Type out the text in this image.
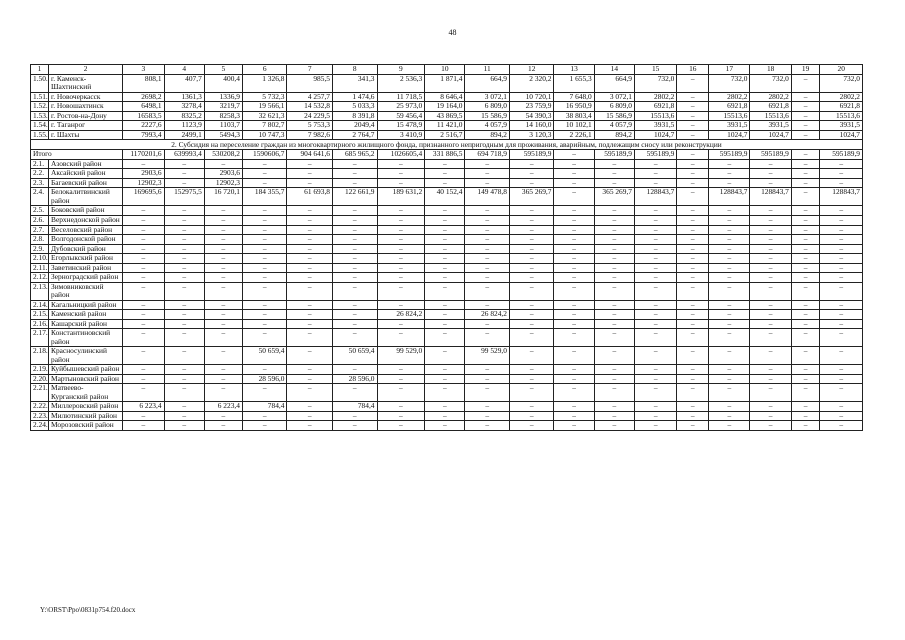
48
1	2	3	4	5	6	7	8	9	10	11	12	13	14	15	16	17	18	19	20
1.50.	г. Каменск-Шахтинский	808,1	407,7	400,4	1 326,8	985,5	341,3	2 536,3	1 871,4	664,9	2 320,2	1 655,3	664,9	732,0	–	732,0	732,0	–	732,0
1.51.	г. Новочеркасск	2698,2	1361,3	1336,9	5 732,3	4 257,7	1 474,6	11 718,5	8 646,4	3 072,1	10 720,1	7 648,0	3 072,1	2802,2	–	2802,2	2802,2	–	2802,2
1.52.	г. Новошахтинск	6498,1	3278,4	3219,7	19 566,1	14 532,8	5 033,3	25 973,0	19 164,0	6 809,0	23 759,9	16 950,9	6 809,0	6921,8	–	6921,8	6921,8	–	6921,8
1.53.	г. Ростов-на-Дону	16583,5	8325,2	8258,3	32 621,3	24 229,5	8 391,8	59 456,4	43 869,5	15 586,9	54 390,3	38 803,4	15 586,9	15513,6	–	15513,6	15513,6	–	15513,6
1.54.	г. Таганрог	2227,6	1123,9	1103,7	7 802,7	5 753,3	2049,4	15 478,9	11 421,0	4 057,9	14 160,0	10 102,1	4 057,9	3931,5	–	3931,5	3931,5	–	3931,5
1.55.	г. Шахты	7993,4	2499,1	5494,3	10 747,3	7 982,6	2 764,7	3 410,9	2 516,7	894,2	3 120,3	2 226,1	894,2	1024,7	–	1024,7	1024,7	–	1024,7
2. Субсидия на переселение граждан из многоквартирного жилищного фонда, признанного непригодным для проживания, аварийным, подлежащим сносу или реконструкции																			
Итого		1170201,6	639993,4	530208,2	1590606,7	904 641,6	685 965,2	1026605,4	331 886,5	694 718,9	595189,9	–	595189,9	595189,9	–	595189,9	595189,9	–	595189,9
2.1.	Азовский район	–	–	–	–	–	–	–	–	–	–	–	–	–	–	–	–	–	–
2.2.	Аксайский район	2903,6	–	2903,6	–	–	–	–	–	–	–	–	–	–	–	–	–	–	–
2.3.	Багаевский район	12902,3	–	12902,3	–	–	–	–	–	–	–	–	–	–	–	–	–	–	–
2.4.	Белокалитвинский район	169695,6	152975,5	16 720,1	184 355,7	61 693,8	122 661,9	189 631,2	40 152,4	149 478,8	365 269,7	–	365 269,7	128843,7	–	128843,7	128843,7	–	128843,7
2.5.	Боковский район	–	–	–	–	–	–	–	–	–	–	–	–	–	–	–	–	–	–
2.6.	Верхнедонской район	–	–	–	–	–	–	–	–	–	–	–	–	–	–	–	–	–	–
2.7.	Веселовский район	–	–	–	–	–	–	–	–	–	–	–	–	–	–	–	–	–	–
2.8.	Волгодонской район	–	–	–	–	–	–	–	–	–	–	–	–	–	–	–	–	–	–
2.9.	Дубовский район	–	–	–	–	–	–	–	–	–	–	–	–	–	–	–	–	–	–
2.10.	Егорлыкский район	–	–	–	–	–	–	–	–	–	–	–	–	–	–	–	–	–	–
2.11.	Заветинский район	–	–	–	–	–	–	–	–	–	–	–	–	–	–	–	–	–	–
2.12.	Зерноградский район	–	–	–	–	–	–	–	–	–	–	–	–	–	–	–	–	–	–
2.13.	Зимовниковский район	–	–	–	–	–	–	–	–	–	–	–	–	–	–	–	–	–	–
2.14.	Кагальницкий район	–	–	–	–	–	–	–	–	–	–	–	–	–	–	–	–	–	–
2.15.	Каменский район	–	–	–	–	–	–	26 824,2	–	26 824,2	–	–	–	–	–	–	–	–	–
2.16.	Кашарский район	–	–	–	–	–	–	–	–	–	–	–	–	–	–	–	–	–	–
2.17.	Константиновский район	–	–	–	–	–	–	–	–	–	–	–	–	–	–	–	–	–	–
2.18.	Красносулинский район	–	–	–	50 659,4	–	50 659,4	99 529,0	–	99 529,0	–	–	–	–	–	–	–	–	–
2.19.	Куйбышевский район	–	–	–	–	–	–	–	–	–	–	–	–	–	–	–	–	–	–
2.20.	Мартыновский район	–	–	–	28 596,0	–	28 596,0	–	–	–	–	–	–	–	–	–	–	–	–
2.21.	Матвеево-Курганский район	–	–	–	–	–	–	–	–	–	–	–	–	–	–	–	–	–	–
2.22.	Миллеровский район	6 223,4	–	6 223,4	784,4	–	784,4	–	–	–	–	–	–	–	–	–	–	–	–
2.23.	Милютинский район	–	–	–	–	–	–	–	–	–	–	–	–	–	–	–	–	–	–
2.24.	Морозовский район	–	–	–	–	–	–	–	–	–	–	–	–	–	–	–	–	–	–
Y:\ORST\Ppo\0831p754.f20.docx
